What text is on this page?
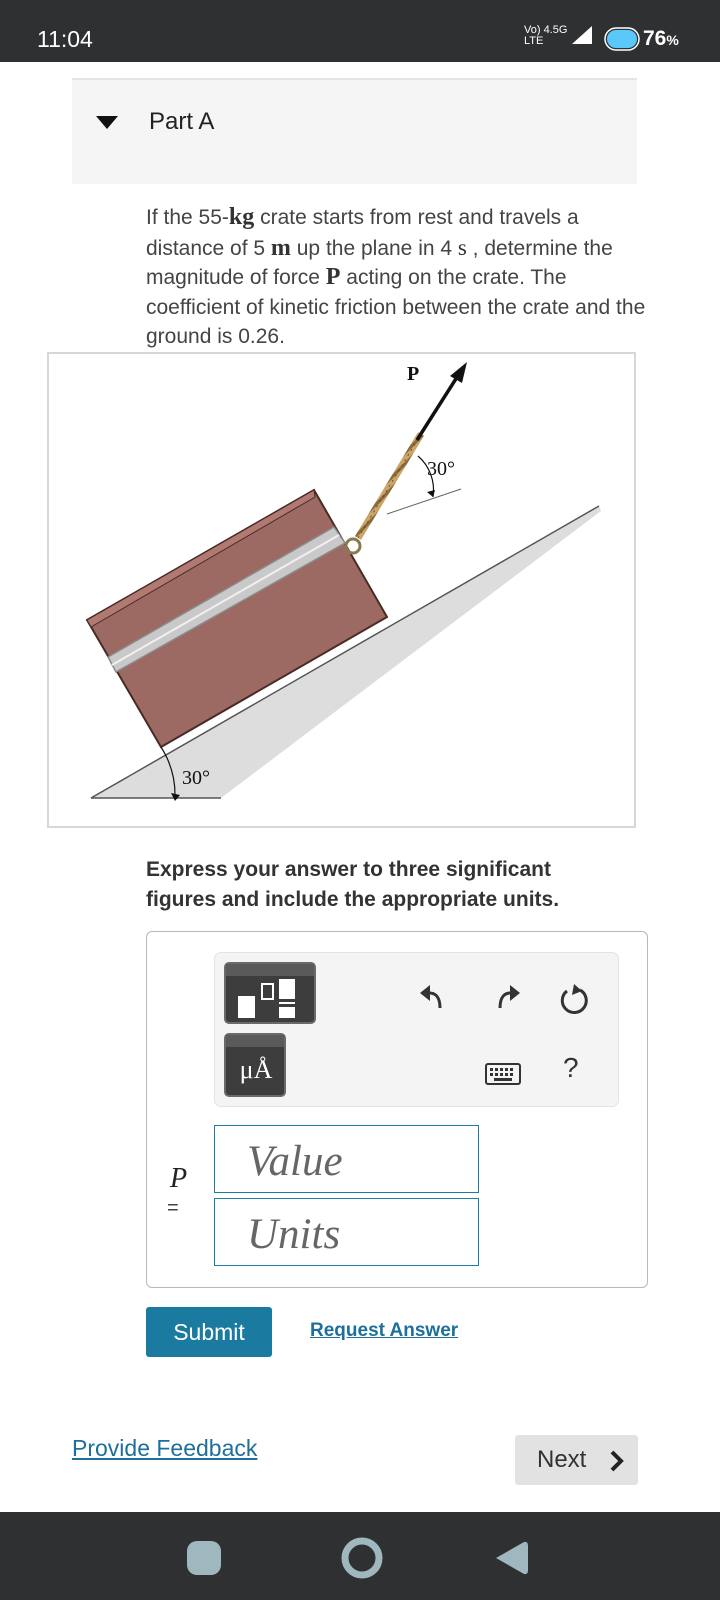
11:04	Vo) 4.5G
LTE	76%
Part A
If the 55-kg crate starts from rest and travels a distance of 5 m up the plane in 4 s , determine the magnitude of force P acting on the crate. The coefficient of kinetic friction between the crate and the ground is 0.26.
P
30°
30°
Express your answer to three significant figures and include the appropriate units.
μÅ	?
P
=
Value
Units
Submit	Request Answer
Provide Feedback	Next
